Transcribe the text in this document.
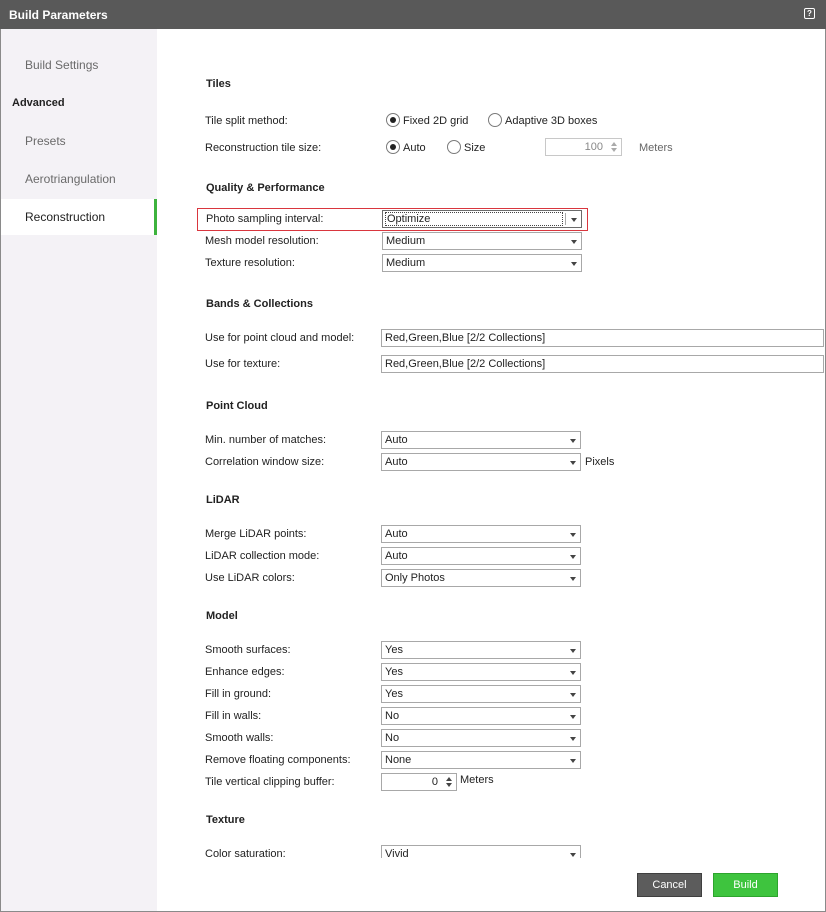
Build Parameters	?
Build Settings
Advanced
Presets
Aerotriangulation
Reconstruction
Tiles
Tile split method:	Fixed 2D grid	Adaptive 3D boxes
Reconstruction tile size:	Auto	Size	100	Meters
Quality & Performance
Photo sampling interval:	Optimize
Mesh model resolution:	Medium
Texture resolution:	Medium
Bands & Collections
Use for point cloud and model:	Red,Green,Blue [2/2 Collections]
Use for texture:	Red,Green,Blue [2/2 Collections]
Point Cloud
Min. number of matches:	Auto
Correlation window size:	Auto	Pixels
LiDAR
Merge LiDAR points:	Auto
LiDAR collection mode:	Auto
Use LiDAR colors:	Only Photos
Model
Smooth surfaces:	Yes
Enhance edges:	Yes
Fill in ground:	Yes
Fill in walls:	No
Smooth walls:	No
Remove floating components:	None
Tile vertical clipping buffer:	0	Meters
Texture
Color saturation:	Vivid
Cancel	Build
